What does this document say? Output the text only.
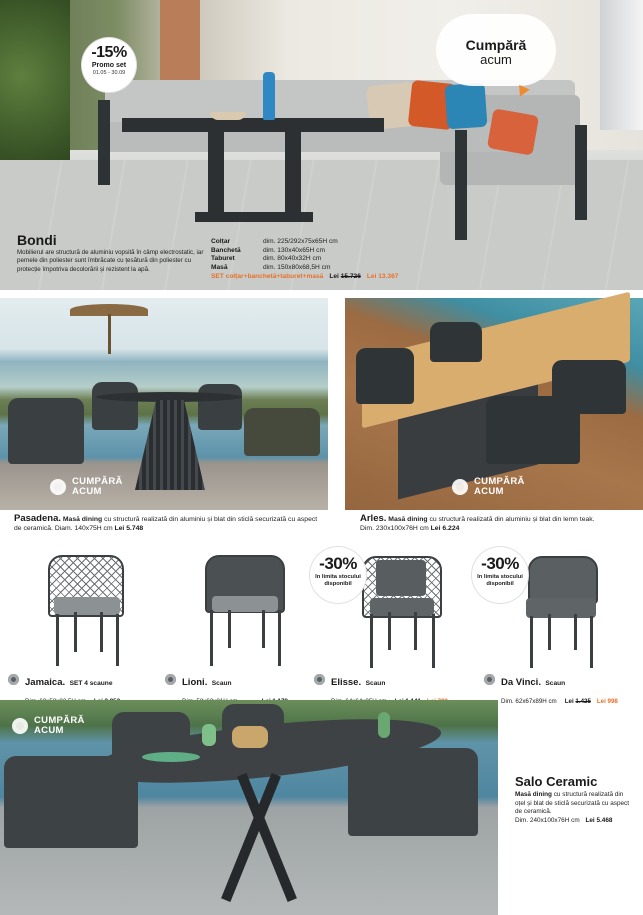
-15%
Promo set
01.05 - 30.09
Cumpără
acum
Bondi
Mobilierul are structură de aluminiu vopsită în câmp electrostatic, iar pernele din poliester sunt îmbrăcate cu țesătură din poliester cu protecție împotriva decolorării și rezistent la apă.
Colțar	dim. 225/292x75x65H cm
Banchetă	dim. 130x40x65H cm
Taburet	dim. 80x40x32H cm
Masă	dim. 150x80x68,5H cm
SET colțar+banchetă+taburet+masă Lei 15.726 Lei 13.367
CUMPĂRĂ
ACUM
Pasadena. Masă dining cu structură realizată din aluminiu și blat din sticlă securizată cu aspect de ceramică. Diam. 140x75H cm Lei 5.748
CUMPĂRĂ
ACUM
Arles. Masă dining cu structură realizată din aluminiu și blat din lemn teak.
Dim. 230x100x76H cm Lei 6.224
-30%
în limita stocului
disponibil
-30%
în limita stocului
disponibil
Jamaica. SET 4 scaune	Lioni. Scaun	Elisse. Scaun	Da Vinci. Scaun
Dim. 62x67x89H cm Lei 1.425 Lei 998
CUMPĂRĂ
ACUM
Salo Ceramic
Masă dining cu structură realizată din oțel și blat de sticlă securizată cu aspect de ceramică.
Dim. 240x100x76H cm Lei 5.468
